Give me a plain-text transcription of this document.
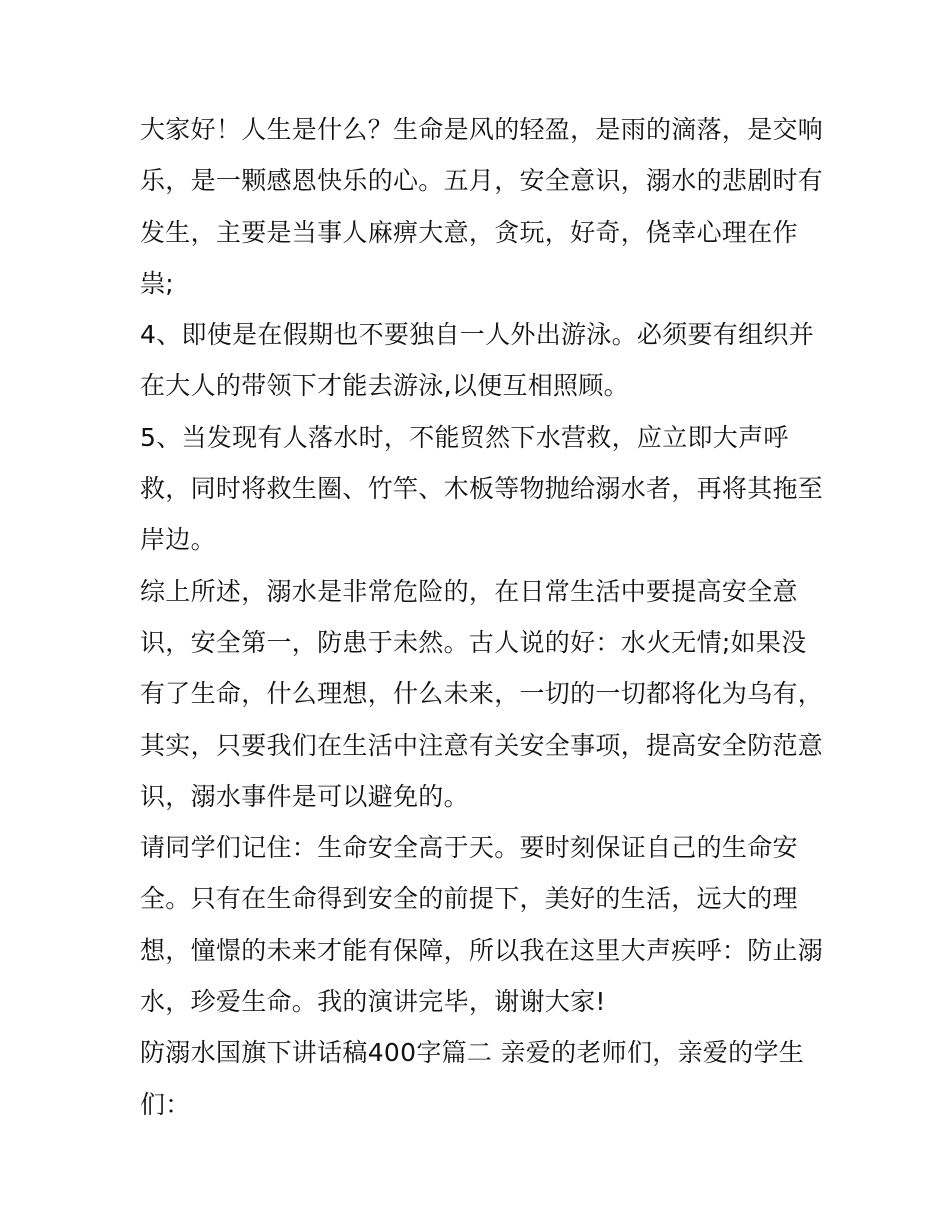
大家好！人生是什么？生命是风的轻盈，是雨的滴落，是交响
乐，是一颗感恩快乐的心。五月，安全意识，溺水的悲剧时有
发生，主要是当事人麻痹大意，贪玩，好奇，侥幸心理在作
祟;
4、即使是在假期也不要独自一人外出游泳。必须要有组织并
在大人的带领下才能去游泳,以便互相照顾。
5、当发现有人落水时，不能贸然下水营救，应立即大声呼
救，同时将救生圈、竹竿、木板等物抛给溺水者，再将其拖至
岸边。
综上所述，溺水是非常危险的，在日常生活中要提高安全意
识，安全第一，防患于未然。古人说的好：水火无情;如果没
有了生命，什么理想，什么未来，一切的一切都将化为乌有，
其实，只要我们在生活中注意有关安全事项，提高安全防范意
识，溺水事件是可以避免的。
请同学们记住：生命安全高于天。要时刻保证自己的生命安
全。只有在生命得到安全的前提下，美好的生活，远大的理
想，憧憬的未来才能有保障，所以我在这里大声疾呼：防止溺
水，珍爱生命。我的演讲完毕，谢谢大家!
防溺水国旗下讲话稿400字篇二 亲爱的老师们，亲爱的学生
们：
